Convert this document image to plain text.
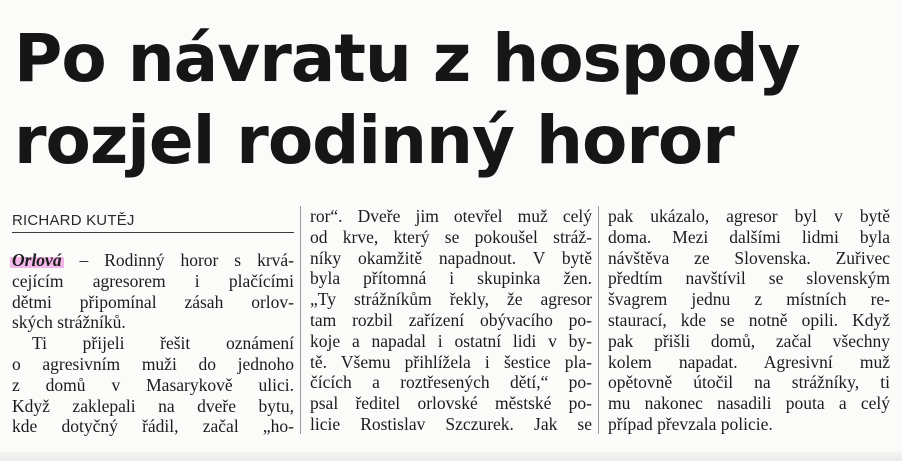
Po návratu z hospody
rozjel rodinný horor
RICHARD KUTĚJ
Orlová – Rodinný horor s krvá-
cejícím agresorem i plačícími
dětmi připomínal zásah orlov-
ských strážníků.
Ti přijeli řešit oznámení
o agresivním muži do jednoho
z domů v Masarykově ulici.
Když zaklepali na dveře bytu,
kde dotyčný řádil, začal „ho-
ror“. Dveře jim otevřel muž celý
od krve, který se pokoušel stráž-
níky okamžitě napadnout. V bytě
byla přítomná i skupinka žen.
„Ty strážníkům řekly, že agresor
tam rozbil zařízení obývacího po-
koje a napadal i ostatní lidi v by-
tě. Všemu přihlížela i šestice pla-
čících a roztřesených dětí,“ po-
psal ředitel orlovské městské po-
licie Rostislav Szczurek. Jak se
pak ukázalo, agresor byl v bytě
doma. Mezi dalšími lidmi byla
návštěva ze Slovenska. Zuřivec
předtím navštívil se slovenským
švagrem jednu z místních re-
staurací, kde se notně opili. Když
pak přišli domů, začal všechny
kolem napadat. Agresivní muž
opětovně útočil na strážníky, ti
mu nakonec nasadili pouta a celý
případ převzala policie.
